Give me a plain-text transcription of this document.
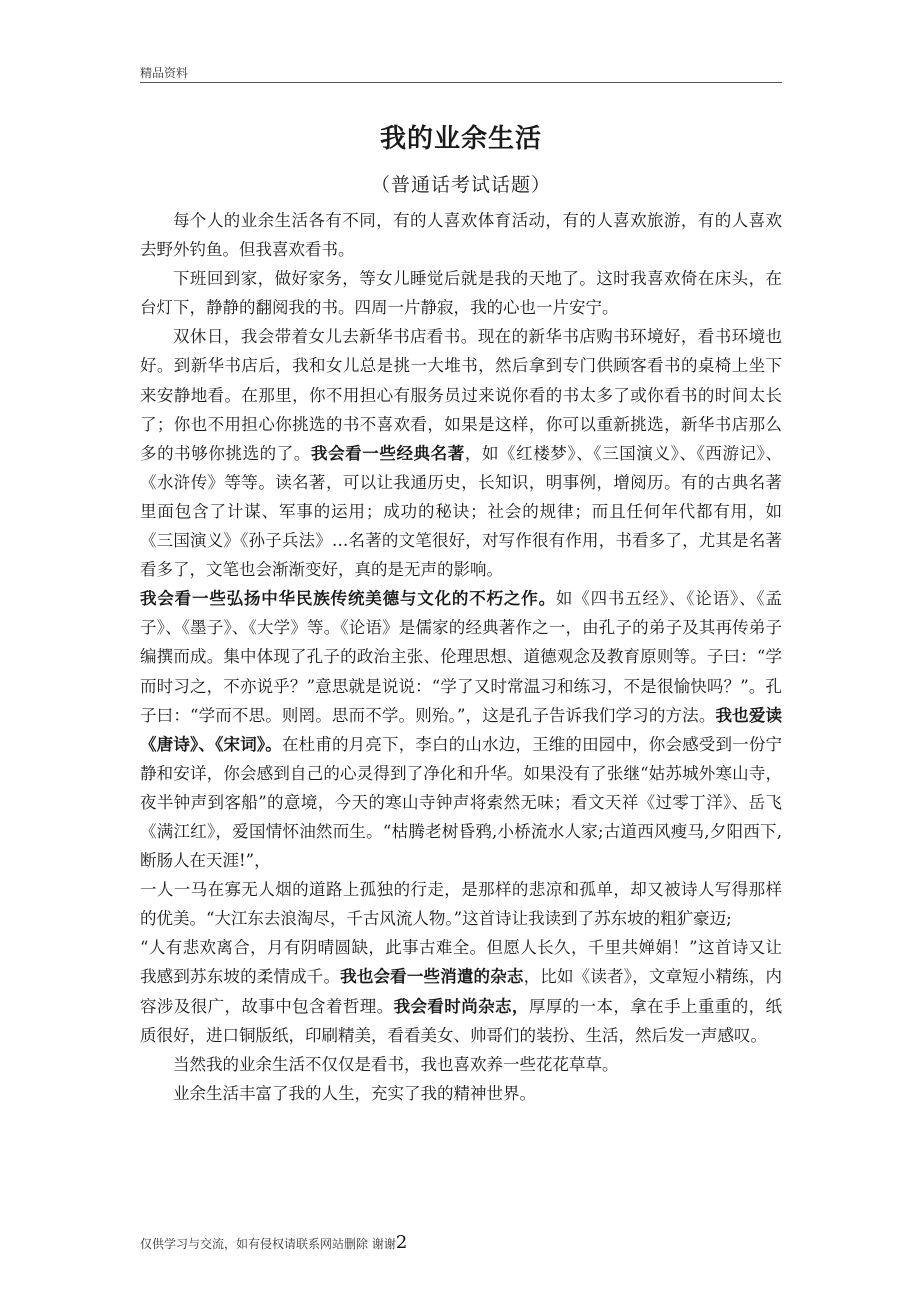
精品资料
我的业余生活
（普通话考试话题）

每个人的业余生活各有不同，有的人喜欢体育活动，有的人喜欢旅游，有的人喜欢去野外钓鱼。但我喜欢看书。

下班回到家，做好家务，等女儿睡觉后就是我的天地了。这时我喜欢倚在床头，在台灯下，静静的翻阅我的书。四周一片静寂，我的心也一片安宁。

双休日，我会带着女儿去新华书店看书。现在的新华书店购书环境好，看书环境也好。到新华书店后，我和女儿总是挑一大堆书，然后拿到专门供顾客看书的桌椅上坐下来安静地看。在那里，你不用担心有服务员过来说你看的书太多了或你看书的时间太长了；你也不用担心你挑选的书不喜欢看，如果是这样，你可以重新挑选，新华书店那么多的书够你挑选的了。我会看一些经典名著，如《红楼梦》、《三国演义》、《西游记》、《水浒传》等等。读名著，可以让我通历史，长知识，明事例，增阅历。有的古典名著里面包含了计谋、军事的运用；成功的秘诀；社会的规律；而且任何年代都有用，如《三国演义》《孙子兵法》…名著的文笔很好，对写作很有作用，书看多了，尤其是名著看多了，文笔也会渐渐变好，真的是无声的影响。

我会看一些弘扬中华民族传统美德与文化的不朽之作。如《四书五经》、《论语》、《孟子》、《墨子》、《大学》等。《论语》是儒家的经典著作之一，由孔子的弟子及其再传弟子编撰而成。集中体现了孔子的政治主张、伦理思想、道德观念及教育原则等。子曰：“学而时习之，不亦说乎？”意思就是说说：“学了又时常温习和练习，不是很愉快吗？”。孔子曰：“学而不思。则罔。思而不学。则殆。”，这是孔子告诉我们学习的方法。我也爱读《唐诗》、《宋词》。在杜甫的月亮下，李白的山水边，王维的田园中，你会感受到一份宁静和安详，你会感到自己的心灵得到了净化和升华。如果没有了张继“姑苏城外寒山寺，夜半钟声到客船”的意境，今天的寒山寺钟声将索然无味；看文天祥《过零丁洋》、岳飞《满江红》，爱国情怀油然而生。“枯腾老树昏鸦,小桥流水人家;古道西风瘦马,夕阳西下,断肠人在天涯!”，

一人一马在寡无人烟的道路上孤独的行走，是那样的悲凉和孤单，却又被诗人写得那样的优美。“大江东去浪淘尽，千古风流人物。”这首诗让我读到了苏东坡的粗犷豪迈;

“人有悲欢离合，月有阴晴圆缺，此事古难全。但愿人长久，千里共婵娟！”这首诗又让我感到苏东坡的柔情成千。我也会看一些消遣的杂志，比如《读者》，文章短小精练，内容涉及很广，故事中包含着哲理。我会看时尚杂志，厚厚的一本，拿在手上重重的，纸质很好，进口铜版纸，印刷精美，看看美女、帅哥们的装扮、生活，然后发一声感叹。

当然我的业余生活不仅仅是看书，我也喜欢养一些花花草草。

业余生活丰富了我的人生，充实了我的精神世界。

仅供学习与交流，如有侵权请联系网站删除 谢谢2
